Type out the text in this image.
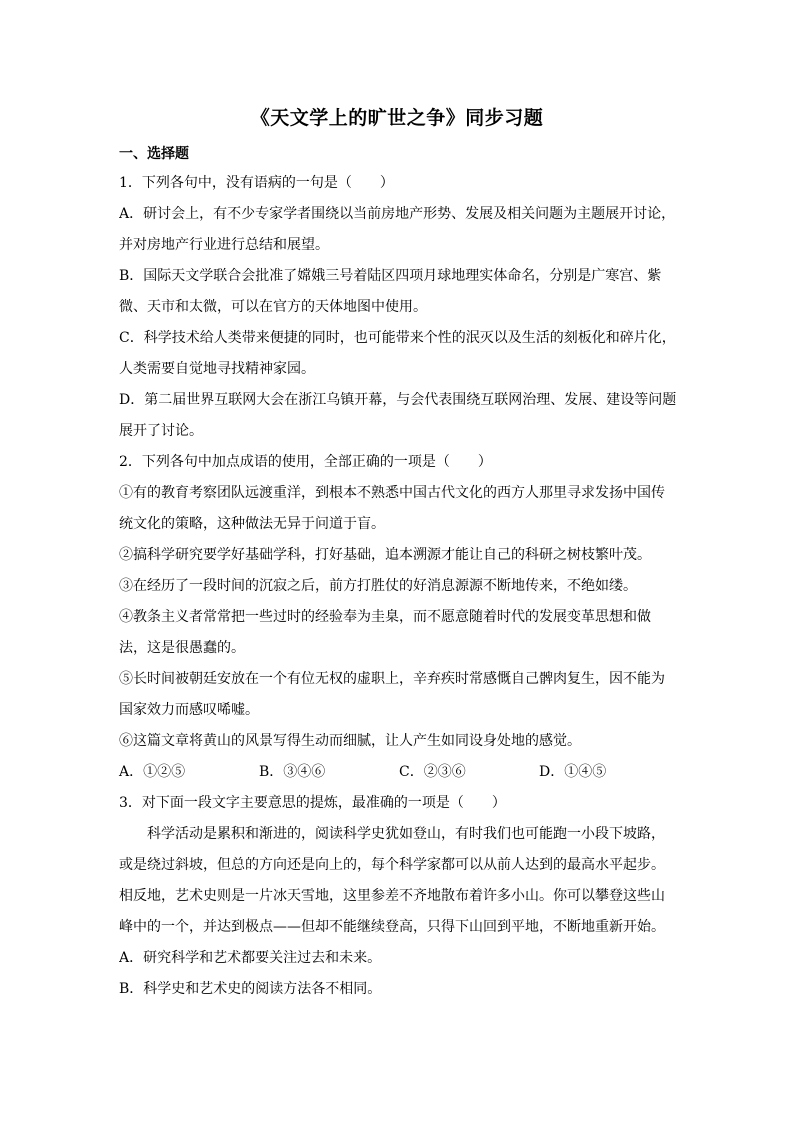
《天文学上的旷世之争》同步习题
一、选择题
1．下列各句中，没有语病的一句是（　　）
A．研讨会上，有不少专家学者围绕以当前房地产形势、发展及相关问题为主题展开讨论，
并对房地产行业进行总结和展望。
B．国际天文学联合会批准了嫦娥三号着陆区四项月球地理实体命名，分别是广寒宫、紫
微、天市和太微，可以在官方的天体地图中使用。
C．科学技术给人类带来便捷的同时，也可能带来个性的泯灭以及生活的刻板化和碎片化，
人类需要自觉地寻找精神家园。
D．第二届世界互联网大会在浙江乌镇开幕，与会代表围绕互联网治理、发展、建设等问题
展开了讨论。
2．下列各句中加点成语的使用，全部正确的一项是（　　）
①有的教育考察团队远渡重洋，到根本不熟悉中国古代文化的西方人那里寻求发扬中国传
统文化的策略，这种做法无异于问道于盲。
②搞科学研究要学好基础学科，打好基础，追本溯源才能让自己的科研之树枝繁叶茂。
③在经历了一段时间的沉寂之后，前方打胜仗的好消息源源不断地传来，不绝如缕。
④教条主义者常常把一些过时的经验奉为圭臬，而不愿意随着时代的发展变革思想和做
法，这是很愚蠢的。
⑤长时间被朝廷安放在一个有位无权的虚职上，辛弃疾时常感慨自己髀肉复生，因不能为
国家效力而感叹唏嘘。
⑥这篇文章将黄山的风景写得生动而细腻，让人产生如同设身处地的感觉。
A．①②⑤	B．③④⑥	C．②③⑥	D．①④⑤
3．对下面一段文字主要意思的提炼，最准确的一项是（　　）
科学活动是累积和渐进的，阅读科学史犹如登山，有时我们也可能跑一小段下坡路，
或是绕过斜坡，但总的方向还是向上的，每个科学家都可以从前人达到的最高水平起步。
相反地，艺术史则是一片冰天雪地，这里参差不齐地散布着许多小山。你可以攀登这些山
峰中的一个，并达到极点——但却不能继续登高，只得下山回到平地，不断地重新开始。
A．研究科学和艺术都要关注过去和未来。
B．科学史和艺术史的阅读方法各不相同。
